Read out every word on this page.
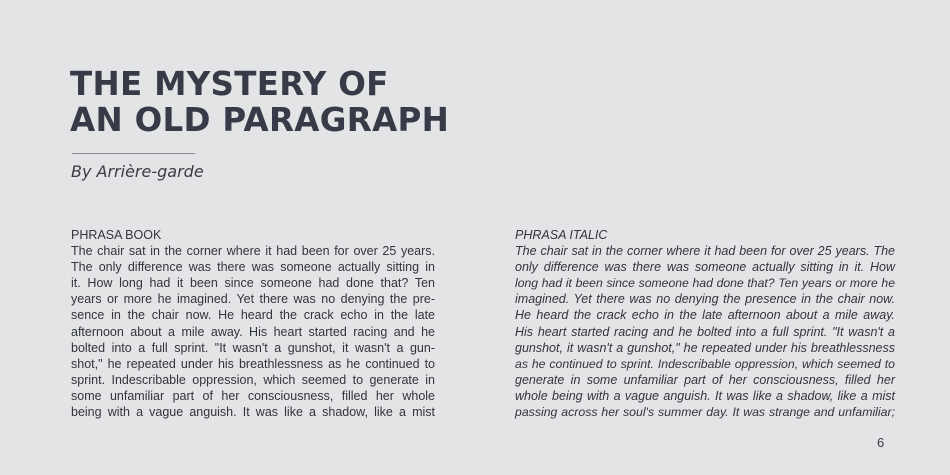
THE MYSTERY OF
AN OLD PARAGRAPH
By Arrière-garde
PHRASA BOOK
The chair sat in the corner where it had been for over 25 years.
The only difference was there was someone actually sitting in
it. How long had it been since someone had done that? Ten
years or more he imagined. Yet there was no denying the pre-
sence in the chair now. He heard the crack echo in the late
afternoon about a mile away. His heart started racing and he
bolted into a full sprint. "It wasn't a gunshot, it wasn't a gun-
shot," he repeated under his breathlessness as he continued to
sprint. Indescribable oppression, which seemed to generate in
some unfamiliar part of her consciousness, filled her whole
being with a vague anguish. It was like a shadow, like a mist
PHRASA ITALIC
The chair sat in the corner where it had been for over 25 years. The
only difference was there was someone actually sitting in it. How
long had it been since someone had done that? Ten years or more he
imagined. Yet there was no denying the presence in the chair now.
He heard the crack echo in the late afternoon about a mile away.
His heart started racing and he bolted into a full sprint. "It wasn't a
gunshot, it wasn't a gunshot," he repeated under his breathlessness
as he continued to sprint. Indescribable oppression, which seemed to
generate in some unfamiliar part of her consciousness, filled her
whole being with a vague anguish. It was like a shadow, like a mist
passing across her soul's summer day. It was strange and unfamiliar;
6
